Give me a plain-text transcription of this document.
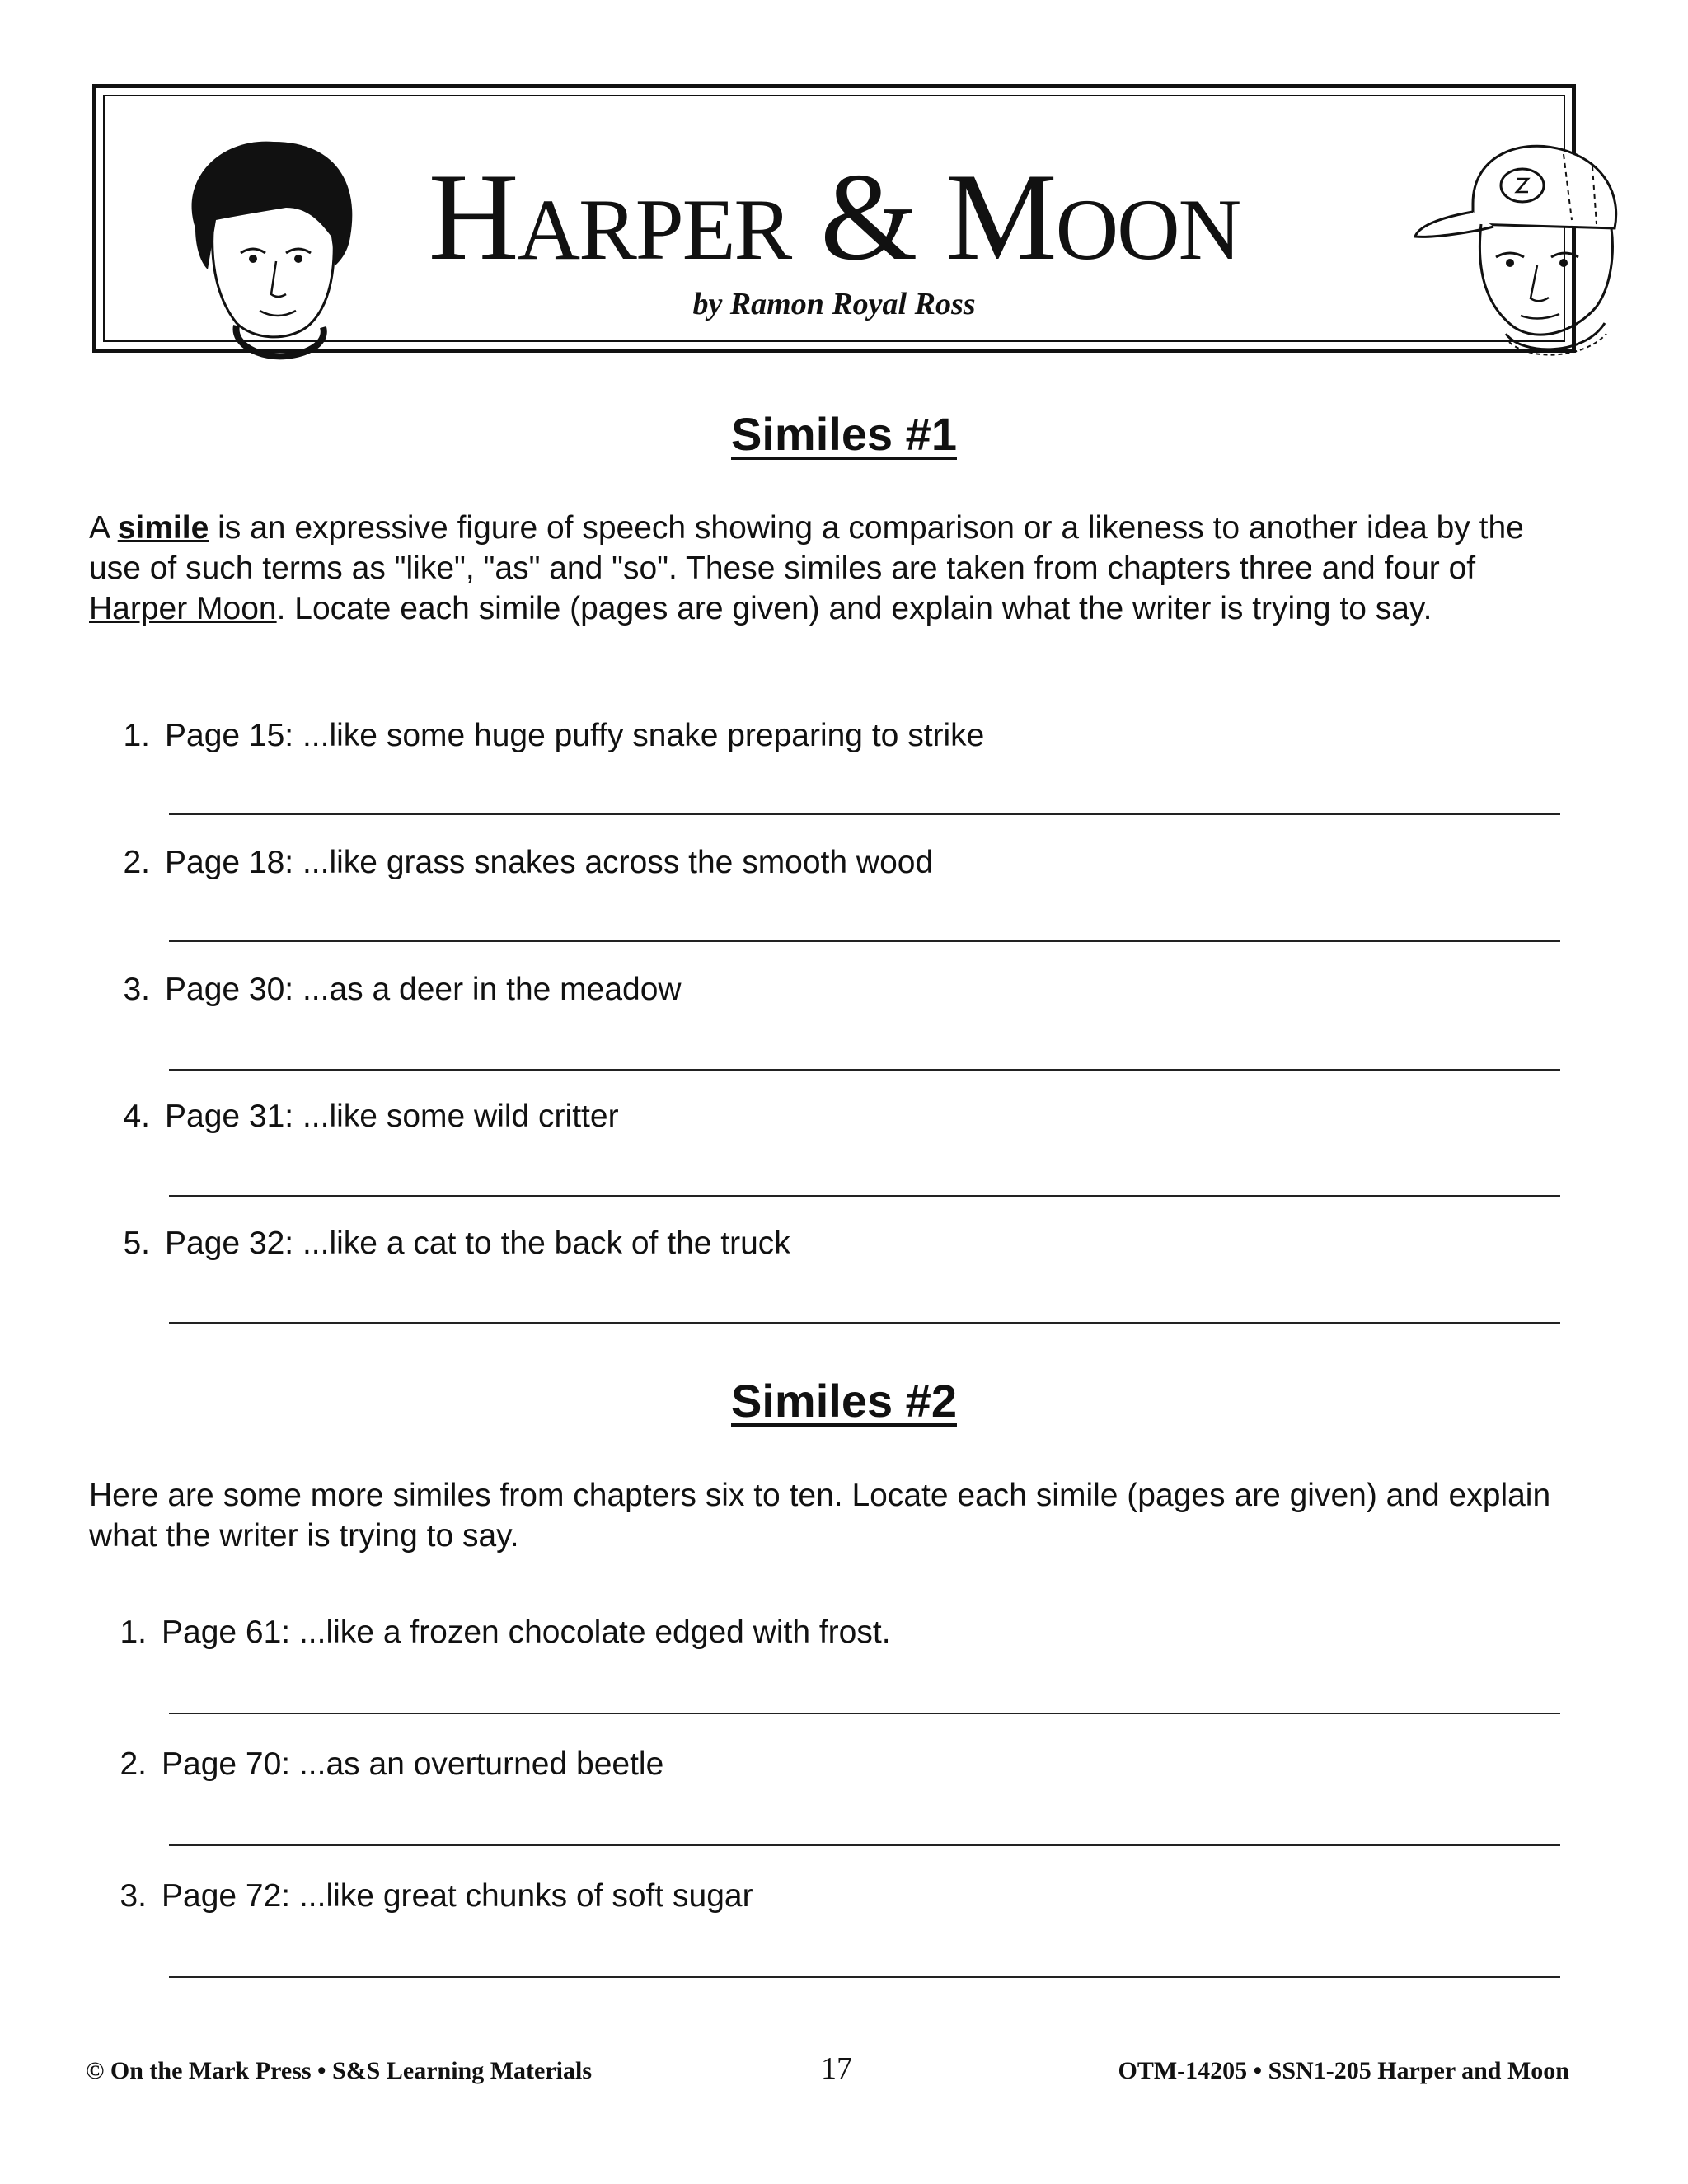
Harper & Moon
by Ramon Royal Ross
Similes #1
A simile is an expressive figure of speech showing a comparison or a likeness to another idea by the use of such terms as "like", "as" and "so". These similes are taken from chapters three and four of Harper Moon. Locate each simile (pages are given) and explain what the writer is trying to say.
1. Page 15: ...like some huge puffy snake preparing to strike
2. Page 18: ...like grass snakes across the smooth wood
3. Page 30: ...as a deer in the meadow
4. Page 31: ...like some wild critter
5. Page 32: ...like a cat to the back of the truck
Similes #2
Here are some more similes from chapters six to ten. Locate each simile (pages are given) and explain what the writer is trying to say.
1. Page 61: ...like a frozen chocolate edged with frost.
2. Page 70: ...as an overturned beetle
3. Page 72: ...like great chunks of soft sugar
© On the Mark Press • S&S Learning Materials	17	OTM-14205 • SSN1-205 Harper and Moon
